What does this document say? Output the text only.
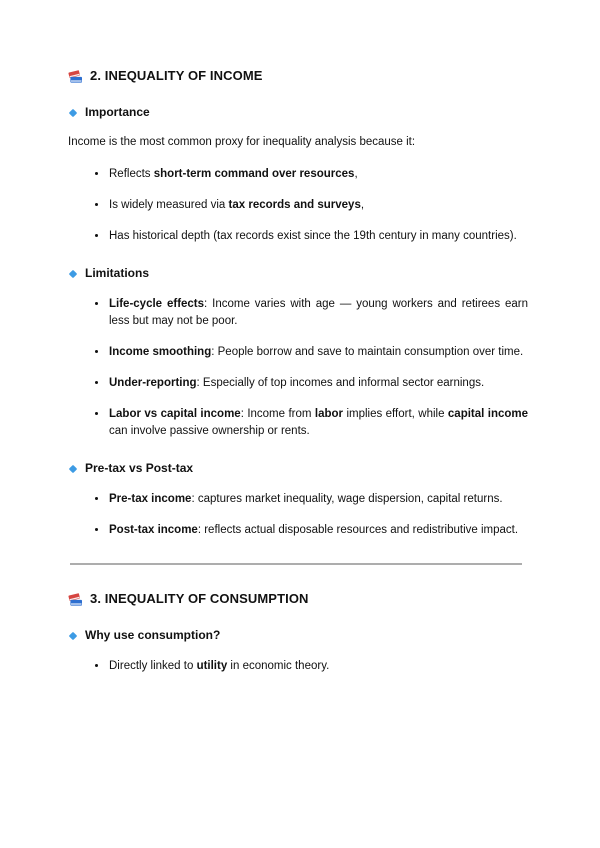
2. INEQUALITY OF INCOME
Importance

Income is the most common proxy for inequality analysis because it:

• Reflects short-term command over resources,
• Is widely measured via tax records and surveys,
• Has historical depth (tax records exist since the 19th century in many countries).
Limitations
• Life-cycle effects: Income varies with age — young workers and retirees earn less but may not be poor.
• Income smoothing: People borrow and save to maintain consumption over time.
• Under-reporting: Especially of top incomes and informal sector earnings.
• Labor vs capital income: Income from labor implies effort, while capital income can involve passive ownership or rents.
Pre-tax vs Post-tax
• Pre-tax income: captures market inequality, wage dispersion, capital returns.
• Post-tax income: reflects actual disposable resources and redistributive impact.
3. INEQUALITY OF CONSUMPTION
Why use consumption?
• Directly linked to utility in economic theory.
